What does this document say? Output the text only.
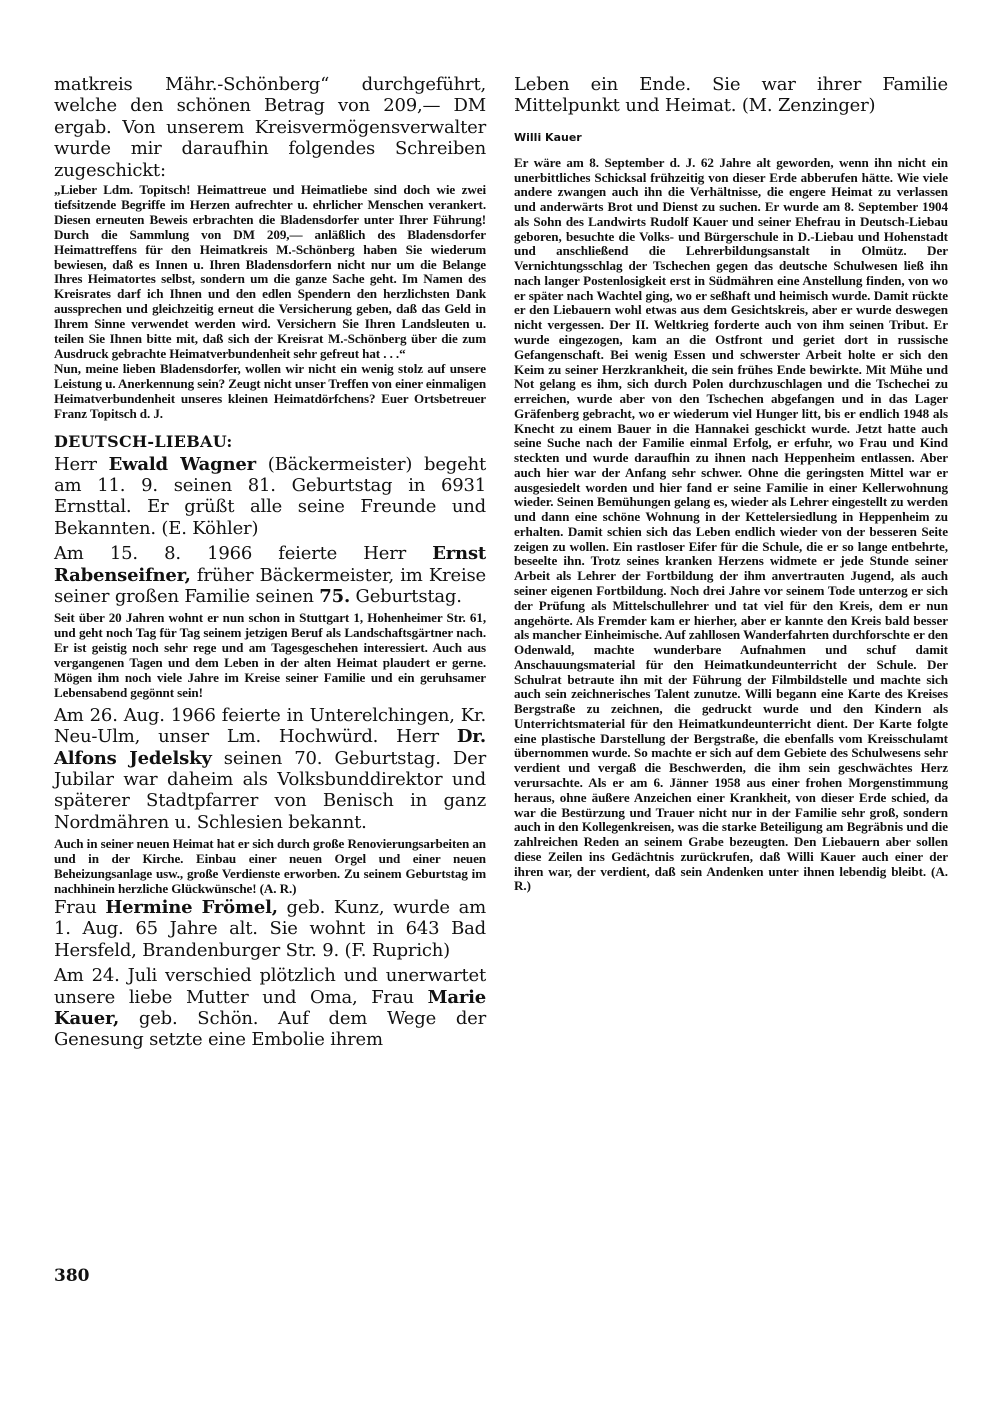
matkreis Mähr.-Schönberg“ durchgeführt, welche den schönen Betrag von 209,— DM ergab. Von unserem Kreisvermögensverwalter wurde mir daraufhin folgendes Schreiben zugeschickt:

„Lieber Ldm. Topitsch! Heimattreue und Heimatliebe sind doch wie zwei tiefsitzende Begriffe im Herzen aufrechter u. ehrlicher Menschen verankert. Diesen erneuten Beweis erbrachten die Bladensdorfer unter Ihrer Führung! Durch die Sammlung von DM 209,— anläßlich des Bladensdorfer Heimattreffens für den Heimatkreis M.-Schönberg haben Sie wiederum bewiesen, daß es Innen u. Ihren Bladensdorfern nicht nur um die Belange Ihres Heimatortes selbst, sondern um die ganze Sache geht. Im Namen des Kreisrates darf ich Ihnen und den edlen Spendern den herzlichsten Dank aussprechen und gleichzeitig erneut die Versicherung geben, daß das Geld in Ihrem Sinne verwendet werden wird. Versichern Sie Ihren Landsleuten u. teilen Sie Ihnen bitte mit, daß sich der Kreisrat M.-Schönberg über die zum Ausdruck gebrachte Heimatverbundenheit sehr gefreut hat . . .“

Nun, meine lieben Bladensdorfer, wollen wir nicht ein wenig stolz auf unsere Leistung u. Anerkennung sein? Zeugt nicht unser Treffen von einer einmaligen Heimatverbundenheit unseres kleinen Heimatdörfchens? Euer Ortsbetreuer Franz Topitsch d. J.

DEUTSCH-LIEBAU:

Herr Ewald Wagner (Bäckermeister) begeht am 11. 9. seinen 81. Geburtstag in 6931 Ernsttal. Er grüßt alle seine Freunde und Bekannten. (E. Köhler)

Am 15. 8. 1966 feierte Herr Ernst Rabenseifner, früher Bäckermeister, im Kreise seiner großen Familie seinen 75. Geburtstag.

Seit über 20 Jahren wohnt er nun schon in Stuttgart 1, Hohenheimer Str. 61, und geht noch Tag für Tag seinem jetzigen Beruf als Landschaftsgärtner nach. Er ist geistig noch sehr rege und am Tagesgeschehen interessiert. Auch aus vergangenen Tagen und dem Leben in der alten Heimat plaudert er gerne. Mögen ihm noch viele Jahre im Kreise seiner Familie und ein geruhsamer Lebensabend gegönnt sein!

Am 26. Aug. 1966 feierte in Unterelchingen, Kr. Neu-Ulm, unser Lm. Hochwürd. Herr Dr. Alfons Jedelsky seinen 70. Geburtstag. Der Jubilar war daheim als Volksbunddirektor und späterer Stadtpfarrer von Benisch in ganz Nordmähren u. Schlesien bekannt.

Auch in seiner neuen Heimat hat er sich durch große Renovierungsarbeiten an und in der Kirche. Einbau einer neuen Orgel und einer neuen Beheizungsanlage usw., große Verdienste erworben. Zu seinem Geburtstag im nachhinein herzliche Glückwünsche! (A. R.)

Frau Hermine Frömel, geb. Kunz, wurde am 1. Aug. 65 Jahre alt. Sie wohnt in 643 Bad Hersfeld, Brandenburger Str. 9. (F. Ruprich)

Am 24. Juli verschied plötzlich und unerwartet unsere liebe Mutter und Oma, Frau Marie Kauer, geb. Schön. Auf dem Wege der Genesung setzte eine Embolie ihrem

Leben ein Ende. Sie war ihrer Familie Mittelpunkt und Heimat. (M. Zenzinger)

Willi Kauer

Er wäre am 8. September d. J. 62 Jahre alt geworden, wenn ihn nicht ein unerbittliches Schicksal frühzeitig von dieser Erde abberufen hätte. Wie viele andere zwangen auch ihn die Verhältnisse, die engere Heimat zu verlassen und anderwärts Brot und Dienst zu suchen. Er wurde am 8. September 1904 als Sohn des Landwirts Rudolf Kauer und seiner Ehefrau in Deutsch-Liebau geboren, besuchte die Volks- und Bürgerschule in D.-Liebau und Hohenstadt und anschließend die Lehrerbildungsanstalt in Olmütz. Der Vernichtungsschlag der Tschechen gegen das deutsche Schulwesen ließ ihn nach langer Postenlosigkeit erst in Südmähren eine Anstellung finden, von wo er später nach Wachtel ging, wo er seßhaft und heimisch wurde. Damit rückte er den Liebauern wohl etwas aus dem Gesichtskreis, aber er wurde deswegen nicht vergessen. Der II. Weltkrieg forderte auch von ihm seinen Tribut. Er wurde eingezogen, kam an die Ostfront und geriet dort in russische Gefangenschaft. Bei wenig Essen und schwerster Arbeit holte er sich den Keim zu seiner Herzkrankheit, die sein frühes Ende bewirkte. Mit Mühe und Not gelang es ihm, sich durch Polen durchzuschlagen und die Tschechei zu erreichen, wurde aber von den Tschechen abgefangen und in das Lager Gräfenberg gebracht, wo er wiederum viel Hunger litt, bis er endlich 1948 als Knecht zu einem Bauer in die Hannakei geschickt wurde. Jetzt hatte auch seine Suche nach der Familie einmal Erfolg, er erfuhr, wo Frau und Kind steckten und wurde daraufhin zu ihnen nach Heppenheim entlassen. Aber auch hier war der Anfang sehr schwer. Ohne die geringsten Mittel war er ausgesiedelt worden und hier fand er seine Familie in einer Kellerwohnung wieder. Seinen Bemühungen gelang es, wieder als Lehrer eingestellt zu werden und dann eine schöne Wohnung in der Kettelersiedlung in Heppenheim zu erhalten. Damit schien sich das Leben endlich wieder von der besseren Seite zeigen zu wollen. Ein rastloser Eifer für die Schule, die er so lange entbehrte, beseelte ihn. Trotz seines kranken Herzens widmete er jede Stunde seiner Arbeit als Lehrer der Fortbildung der ihm anvertrauten Jugend, als auch seiner eigenen Fortbildung. Noch drei Jahre vor seinem Tode unterzog er sich der Prüfung als Mittelschullehrer und tat viel für den Kreis, dem er nun angehörte. Als Fremder kam er hierher, aber er kannte den Kreis bald besser als mancher Einheimische. Auf zahllosen Wanderfahrten durchforschte er den Odenwald, machte wunderbare Aufnahmen und schuf damit Anschauungsmaterial für den Heimatkundeunterricht der Schule. Der Schulrat betraute ihn mit der Führung der Filmbildstelle und machte sich auch sein zeichnerisches Talent zunutze. Willi begann eine Karte des Kreises Bergstraße zu zeichnen, die gedruckt wurde und den Kindern als Unterrichtsmaterial für den Heimatkundeunterricht dient. Der Karte folgte eine plastische Darstellung der Bergstraße, die ebenfalls vom Kreisschulamt übernommen wurde. So machte er sich auf dem Gebiete des Schulwesens sehr verdient und vergaß die Beschwerden, die ihm sein geschwächtes Herz verursachte. Als er am 6. Jänner 1958 aus einer frohen Morgenstimmung heraus, ohne äußere Anzeichen einer Krankheit, von dieser Erde schied, da war die Bestürzung und Trauer nicht nur in der Familie sehr groß, sondern auch in den Kollegenkreisen, was die starke Beteiligung am Begräbnis und die zahlreichen Reden an seinem Grabe bezeugten. Den Liebauern aber sollen diese Zeilen ins Gedächtnis zurückrufen, daß Willi Kauer auch einer der ihren war, der verdient, daß sein Andenken unter ihnen lebendig bleibt. (A. R.)

380
